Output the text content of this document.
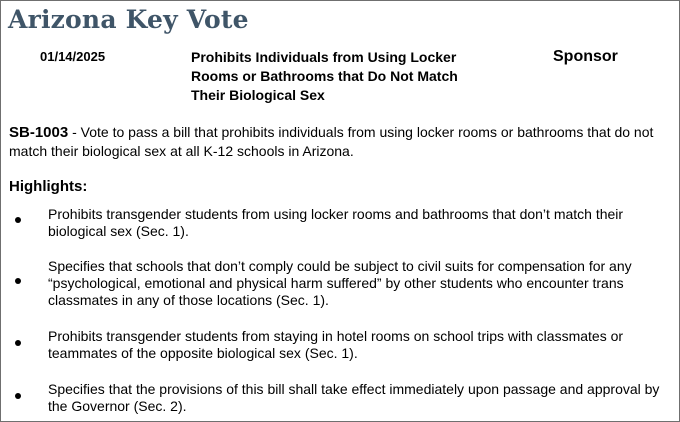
Arizona Key Vote
01/14/2025	Prohibits Individuals from Using Locker Rooms or Bathrooms that Do Not Match Their Biological Sex
Sponsor
SB-1003 - Vote to pass a bill that prohibits individuals from using locker rooms or bathrooms that do not match their biological sex at all K-12 schools in Arizona.
Highlights:
Prohibits transgender students from using locker rooms and bathrooms that don’t match their biological sex (Sec. 1).
Specifies that schools that don’t comply could be subject to civil suits for compensation for any “psychological, emotional and physical harm suffered” by other students who encounter trans classmates in any of those locations (Sec. 1).
Prohibits transgender students from staying in hotel rooms on school trips with classmates or teammates of the opposite biological sex (Sec. 1).
Specifies that the provisions of this bill shall take effect immediately upon passage and approval by the Governor (Sec. 2).
